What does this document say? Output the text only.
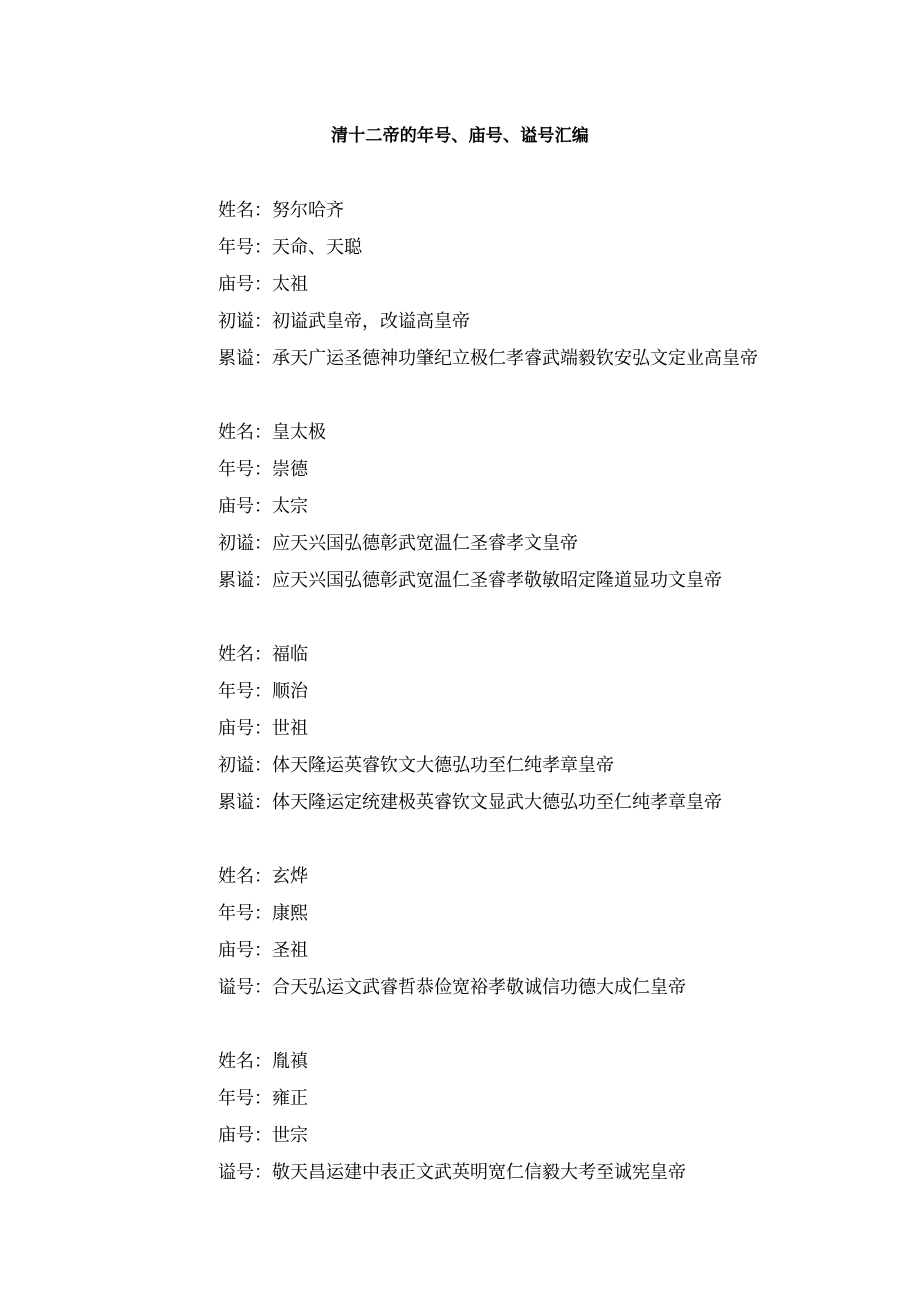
清十二帝的年号、庙号、谥号汇编
姓名：努尔哈齐
年号：天命、天聪
庙号：太祖
初谥：初谥武皇帝，改谥高皇帝
累谥：承天广运圣德神功肇纪立极仁孝睿武端毅钦安弘文定业高皇帝
姓名：皇太极
年号：崇德
庙号：太宗
初谥：应天兴国弘德彰武宽温仁圣睿孝文皇帝
累谥：应天兴国弘德彰武宽温仁圣睿孝敬敏昭定隆道显功文皇帝
姓名：福临
年号：顺治
庙号：世祖
初谥：体天隆运英睿钦文大德弘功至仁纯孝章皇帝
累谥：体天隆运定统建极英睿钦文显武大德弘功至仁纯孝章皇帝
姓名：玄烨
年号：康熙
庙号：圣祖
谥号：合天弘运文武睿哲恭俭宽裕孝敬诚信功德大成仁皇帝
姓名：胤禛
年号：雍正
庙号：世宗
谥号：敬天昌运建中表正文武英明宽仁信毅大考至诚宪皇帝
